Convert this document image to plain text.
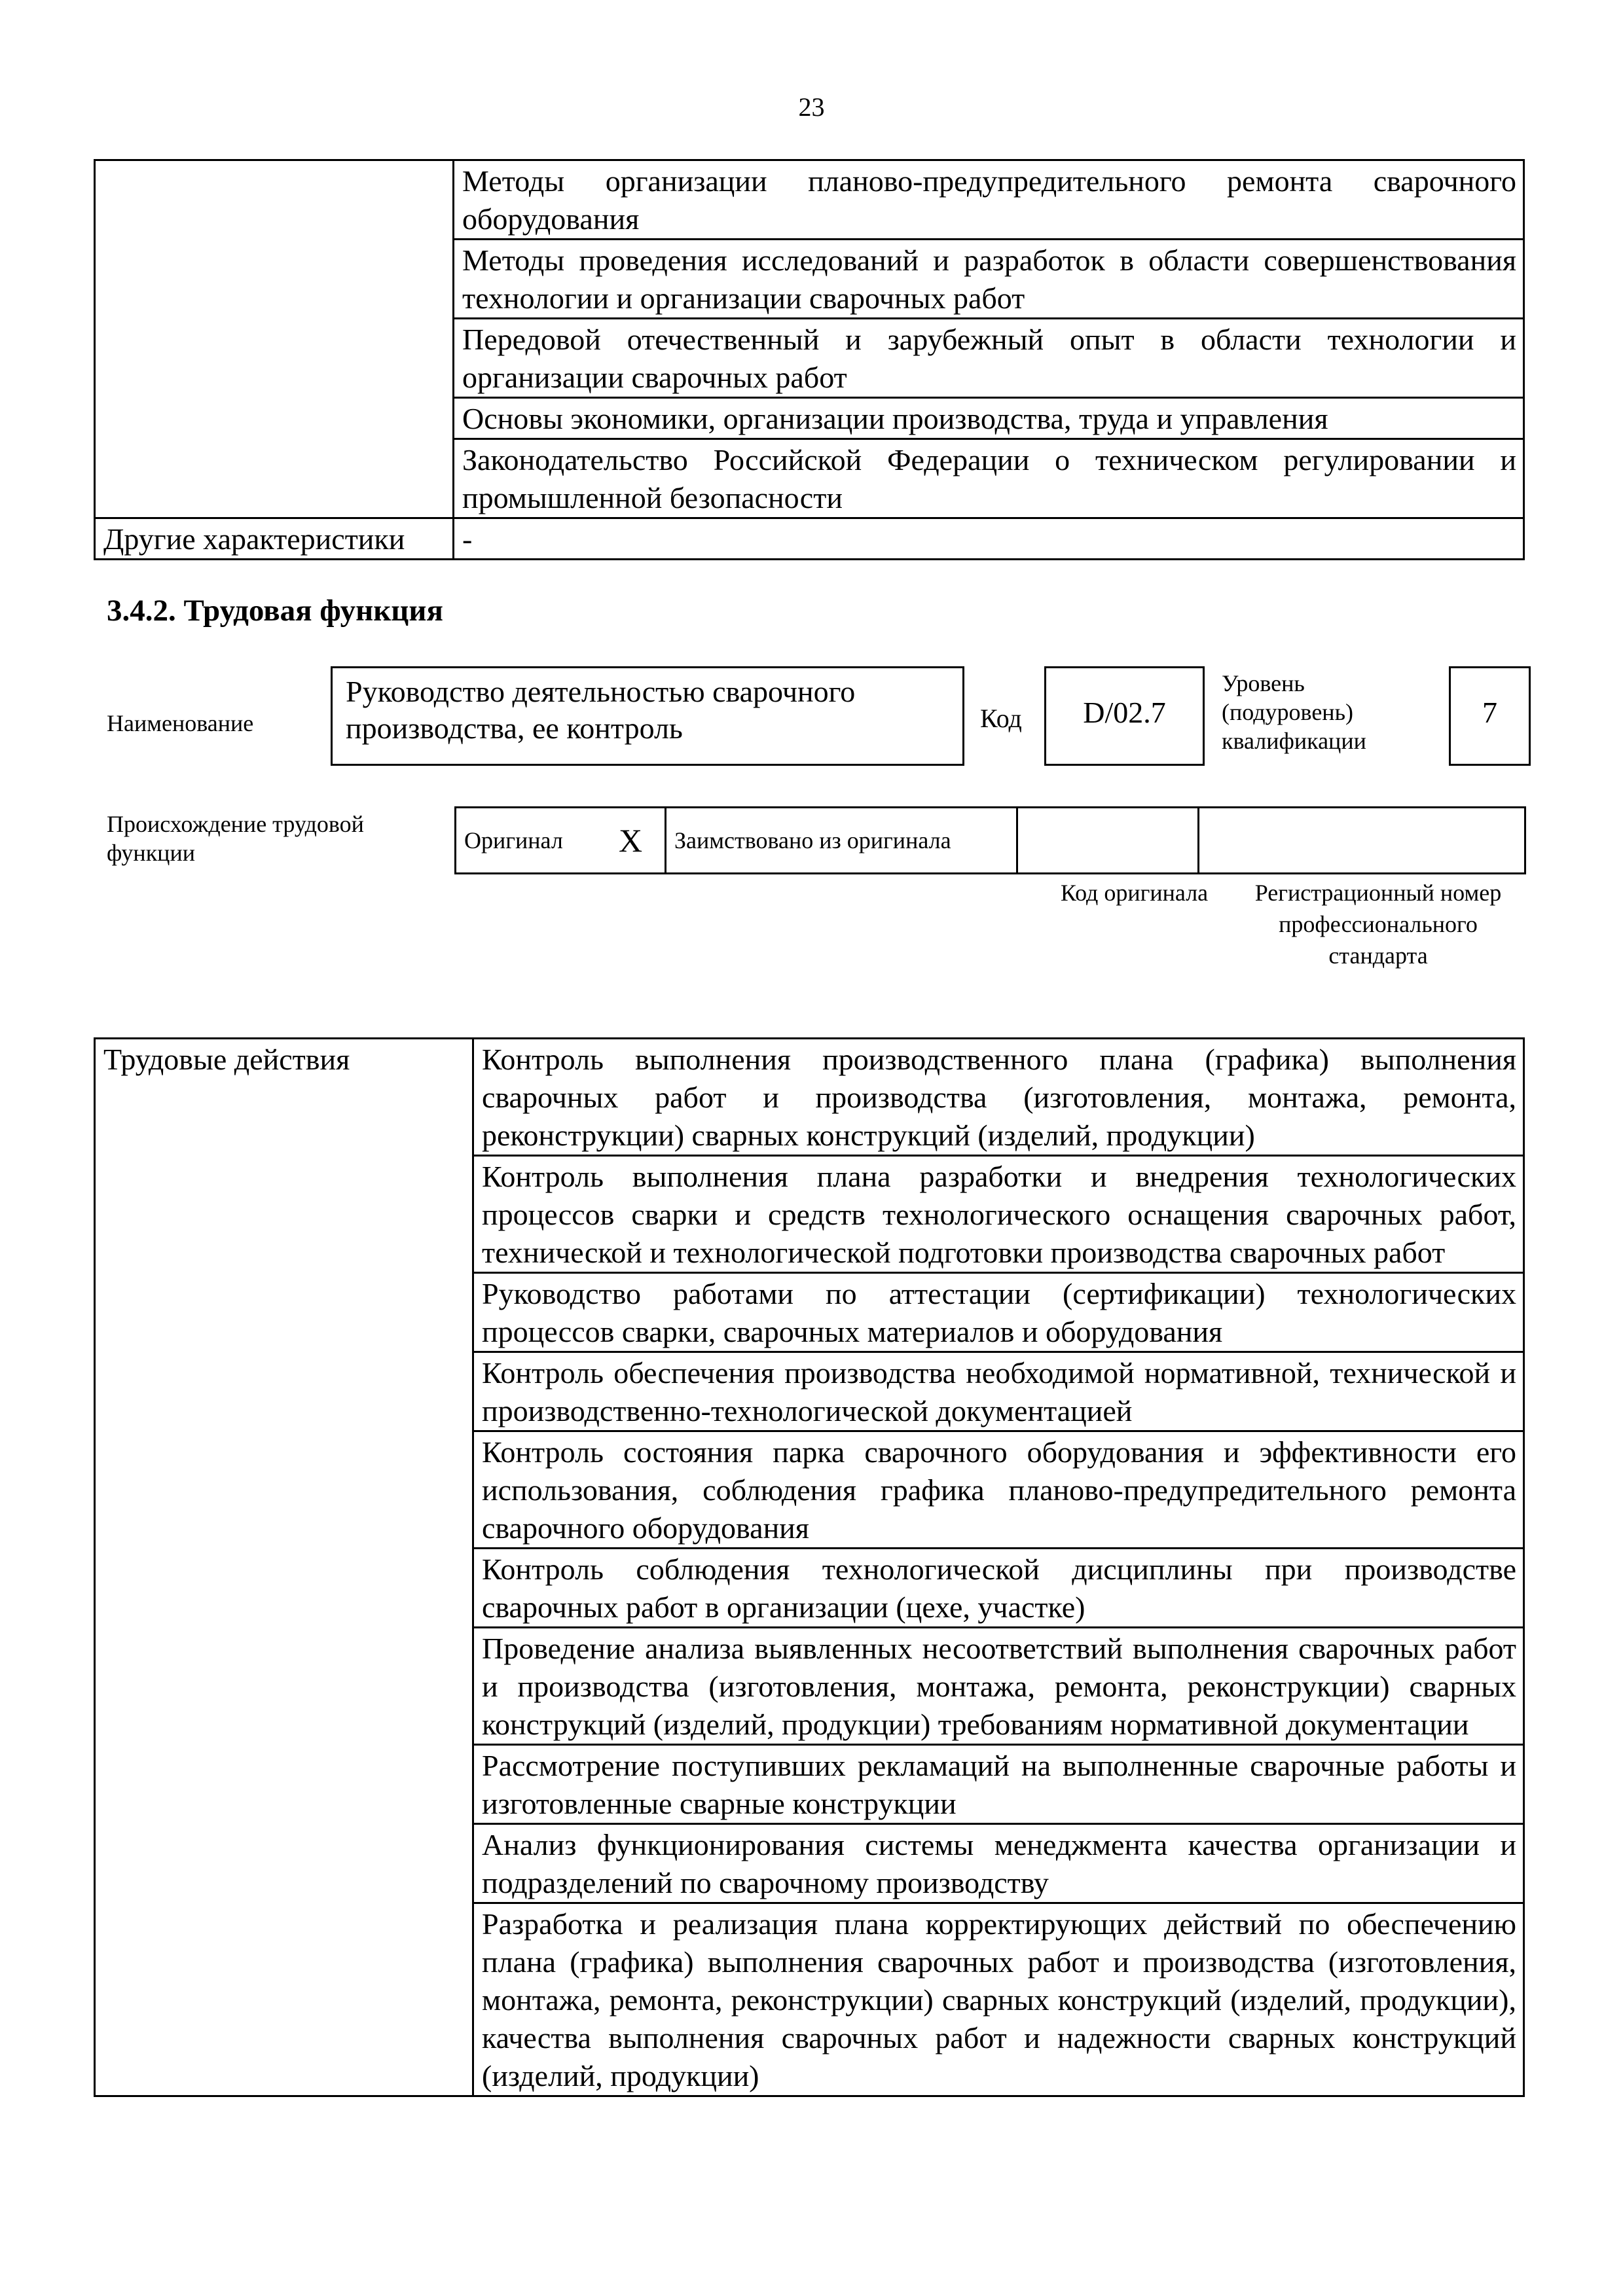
23
	Методы организации планово-предупредительного ремонта сварочного оборудования
	Методы проведения исследований и разработок в области совершенствования технологии и организации сварочных работ
	Передовой отечественный и зарубежный опыт в области технологии и организации сварочных работ
	Основы экономики, организации производства, труда и управления
	Законодательство Российской Федерации о техническом регулировании и промышленной безопасности
Другие характеристики	-
3.4.2. Трудовая функция
Наименование
Руководство деятельностью сварочного производства, ее контроль	Код	D/02.7
Уровень (подуровень) квалификации
7
Происхождение трудовой функции	Оригинал	X	Заимствовано из оригинала		
Код оригинала	Регистрационный номер профессионального стандарта
Трудовые действия	Контроль выполнения производственного плана (графика) выполнения сварочных работ и производства (изготовления, монтажа, ремонта, реконструкции) сварных конструкций (изделий, продукции)
Контроль выполнения плана разработки и внедрения технологических процессов сварки и средств технологического оснащения сварочных работ, технической и технологической подготовки производства сварочных работ
Руководство работами по аттестации (сертификации) технологических процессов сварки, сварочных материалов и оборудования
Контроль обеспечения производства необходимой нормативной, технической и производственно-технологической документацией
Контроль состояния парка сварочного оборудования и эффективности его использования, соблюдения графика планово-предупредительного ремонта сварочного оборудования
Контроль соблюдения технологической дисциплины при производстве сварочных работ в организации (цехе, участке)
Проведение анализа выявленных несоответствий выполнения сварочных работ и производства (изготовления, монтажа, ремонта, реконструкции) сварных конструкций (изделий, продукции) требованиям нормативной документации
Рассмотрение поступивших рекламаций на выполненные сварочные работы и изготовленные сварные конструкции
Анализ функционирования системы менеджмента качества организации и подразделений по сварочному производству
Разработка и реализация плана корректирующих действий по обеспечению плана (графика) выполнения сварочных работ и производства (изготовления, монтажа, ремонта, реконструкции) сварных конструкций (изделий, продукции), качества выполнения сварочных работ и надежности сварных конструкций (изделий, продукции)
